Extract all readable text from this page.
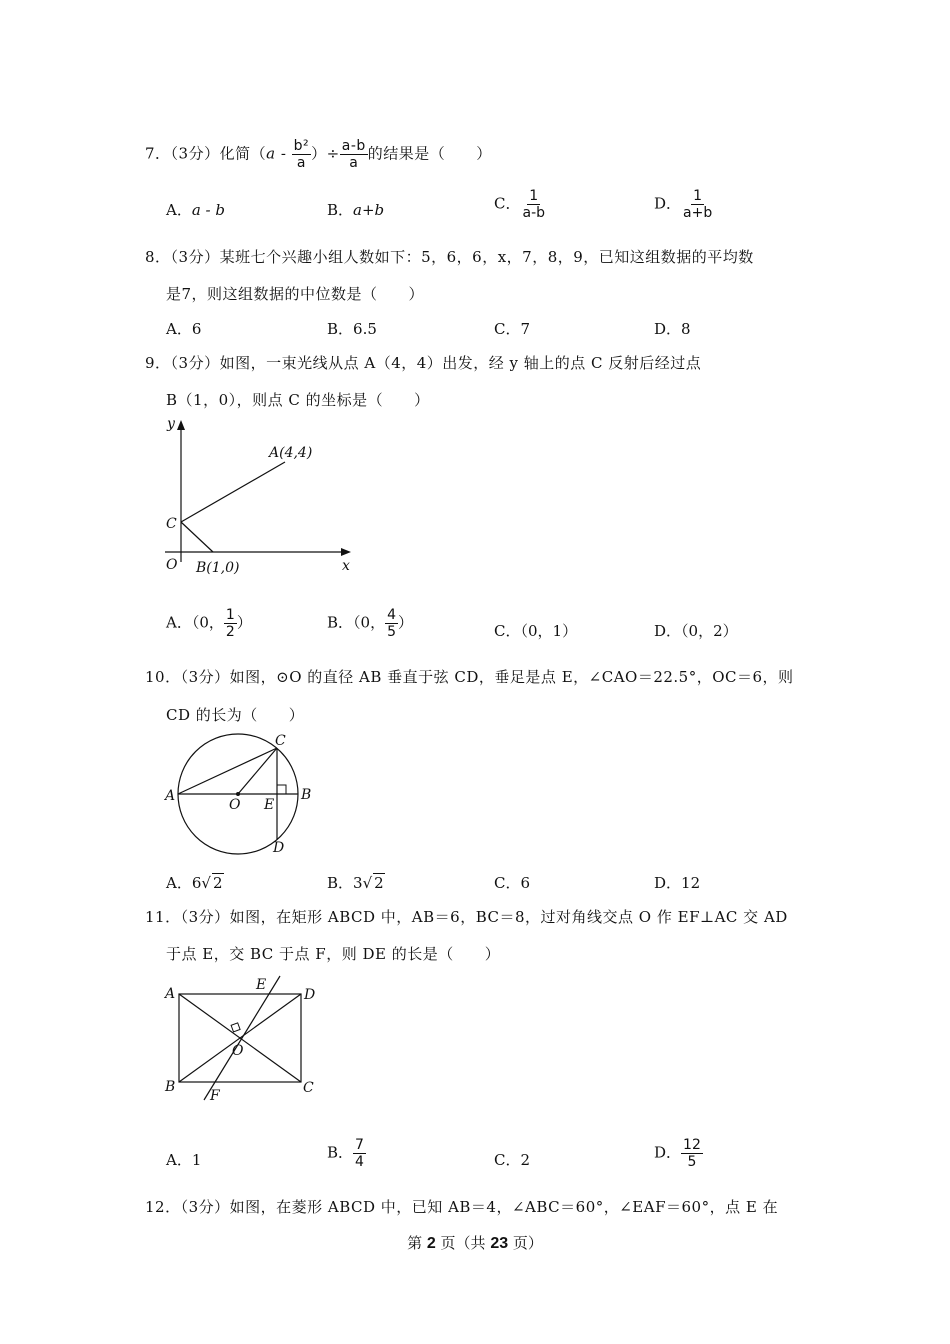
7．（3分）化简（$a - \frac{\text{b²}}{a}$ ）÷ $\frac{a-b}{a}$ 的结果是（　　）
A．a - b	B．a+b	C． $\frac{1}{a-b}$	D． $\frac{1}{a+b}$
8．（3分）某班七个兴趣小组人数如下：5，6，6，x，7，8，9，已知这组数据的平均数
是7，则这组数据的中位数是（　　）
A．6	B．6.5	C．7	D．8
9．（3分）如图，一束光线从点 A（4，4）出发，经 y 轴上的点 C 反射后经过点
B（1，0），则点 C 的坐标是（　　）
y
x
A(4,4)
C
O B(1,0)
A．（0， $\frac{1}{2}$ ）	B．（0， $\frac{4}{5}$ ）	C．（0，1）	D．（0，2）
10．（3分）如图，⊙O 的直径 AB 垂直于弦 CD，垂足是点 E，∠CAO＝22.5°，OC＝6，则
CD 的长为（　　）
A	B
C
D
O E
A．6√ 2	B．3√ 2	C．6	D．12
11．（3分）如图，在矩形 ABCD 中，AB＝6，BC＝8，过对角线交点 O 作 EF⊥AC 交 AD
于点 E，交 BC 于点 F，则 DE 的长是（　　）
A	D
B	C
E
F
O
A．1	B． $\frac{7}{4}$	C．2	D． $\frac{12}{5}$
12．（3分）如图，在菱形 ABCD 中，已知 AB＝4，∠ABC＝60°，∠EAF＝60°，点 E 在
第 2 页（共 23 页）
